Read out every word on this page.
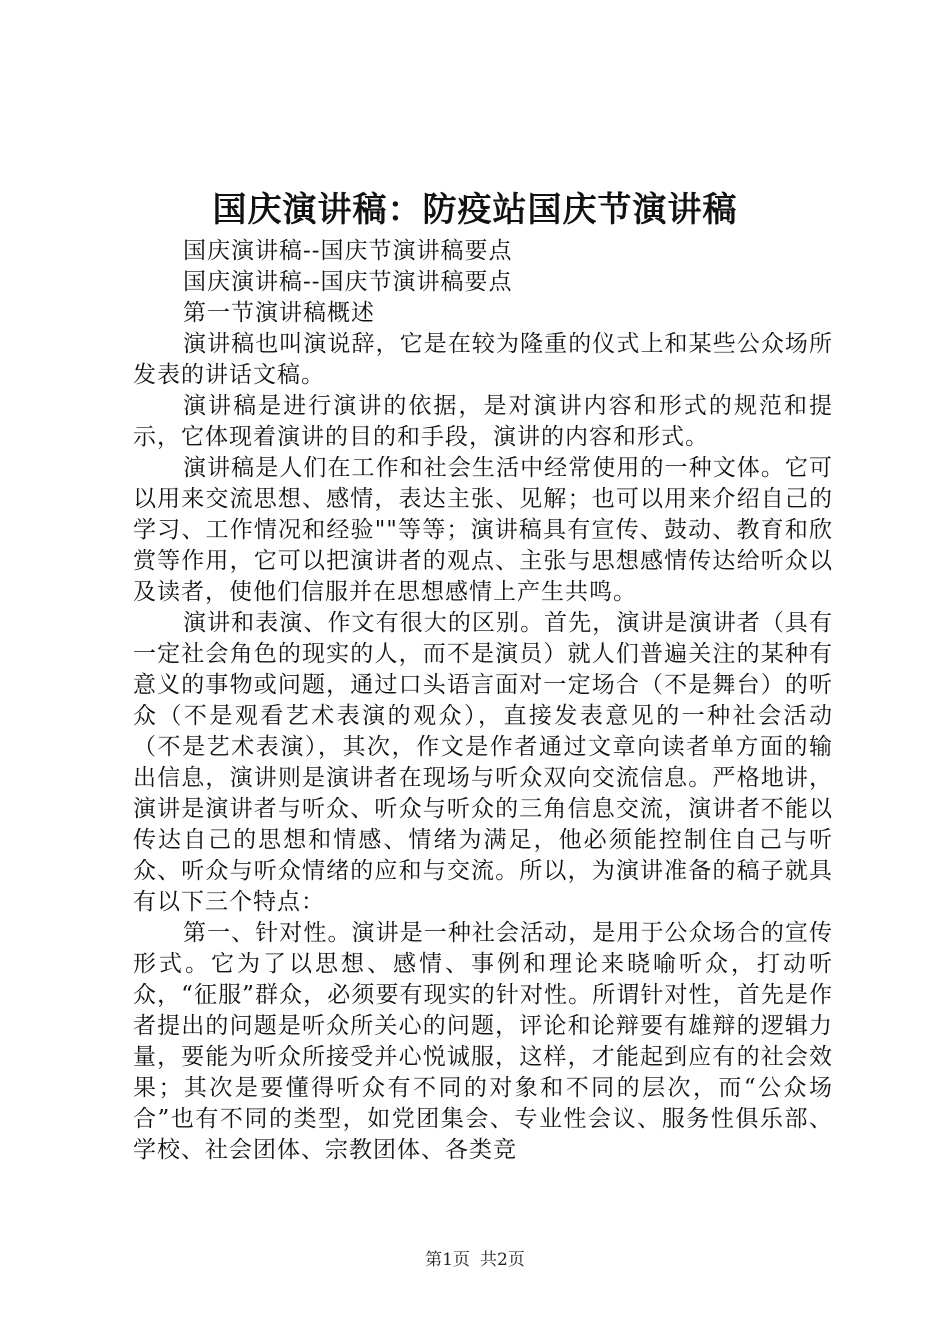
国庆演讲稿：防疫站国庆节演讲稿

国庆演讲稿--国庆节演讲稿要点

国庆演讲稿--国庆节演讲稿要点

第一节演讲稿概述

演讲稿也叫演说辞，它是在较为隆重的仪式上和某些公众场所发表的讲话文稿。

演讲稿是进行演讲的依据，是对演讲内容和形式的规范和提示，它体现着演讲的目的和手段，演讲的内容和形式。

演讲稿是人们在工作和社会生活中经常使用的一种文体。它可以用来交流思想、感情，表达主张、见解；也可以用来介绍自己的学习、工作情况和经验""等等；演讲稿具有宣传、鼓动、教育和欣赏等作用，它可以把演讲者的观点、主张与思想感情传达给听众以及读者，使他们信服并在思想感情上产生共鸣。

演讲和表演、作文有很大的区别。首先，演讲是演讲者（具有一定社会角色的现实的人，而不是演员）就人们普遍关注的某种有意义的事物或问题，通过口头语言面对一定场合（不是舞台）的听众（不是观看艺术表演的观众），直接发表意见的一种社会活动（不是艺术表演），其次，作文是作者通过文章向读者单方面的输出信息，演讲则是演讲者在现场与听众双向交流信息。严格地讲，演讲是演讲者与听众、听众与听众的三角信息交流，演讲者不能以传达自己的思想和情感、情绪为满足，他必须能控制住自己与听众、听众与听众情绪的应和与交流。所以，为演讲准备的稿子就具有以下三个特点：

第一、针对性。演讲是一种社会活动，是用于公众场合的宣传形式。它为了以思想、感情、事例和理论来晓喻听众，打动听众，“征服”群众，必须要有现实的针对性。所谓针对性，首先是作者提出的问题是听众所关心的问题，评论和论辩要有雄辩的逻辑力量，要能为听众所接受并心悦诚服，这样，才能起到应有的社会效果；其次是要懂得听众有不同的对象和不同的层次，而“公众场合”也有不同的类型，如党团集会、专业性会议、服务性俱乐部、学校、社会团体、宗教团体、各类竞

第1页 共2页
